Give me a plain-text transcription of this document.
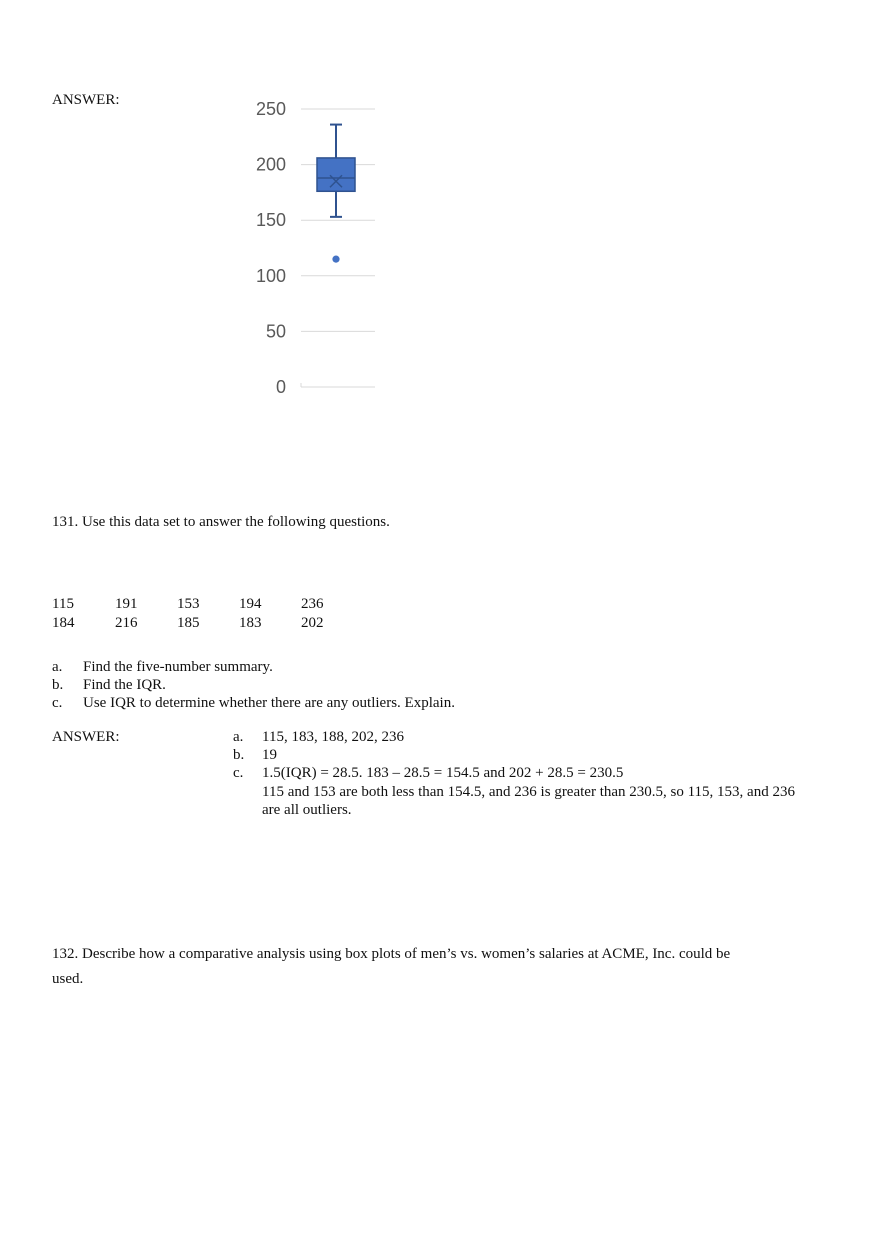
ANSWER:	250
200
150
100
50
0
131. Use this data set to answer the following questions.
115	191	153	194	236
184	216	185	183	202
a. Find the five-number summary.
b. Find the IQR.
c. Use IQR to determine whether there are any outliers. Explain.
ANSWER:	a. 115, 183, 188, 202, 236
b. 19
c. 1.5(IQR) = 28.5. 183 – 28.5 = 154.5 and 202 + 28.5 = 230.5
115 and 153 are both less than 154.5, and 236 is greater than 230.5, so 115, 153, and 236
are all outliers.
132. Describe how a comparative analysis using box plots of men’s vs. women’s salaries at ACME, Inc. could be
used.
